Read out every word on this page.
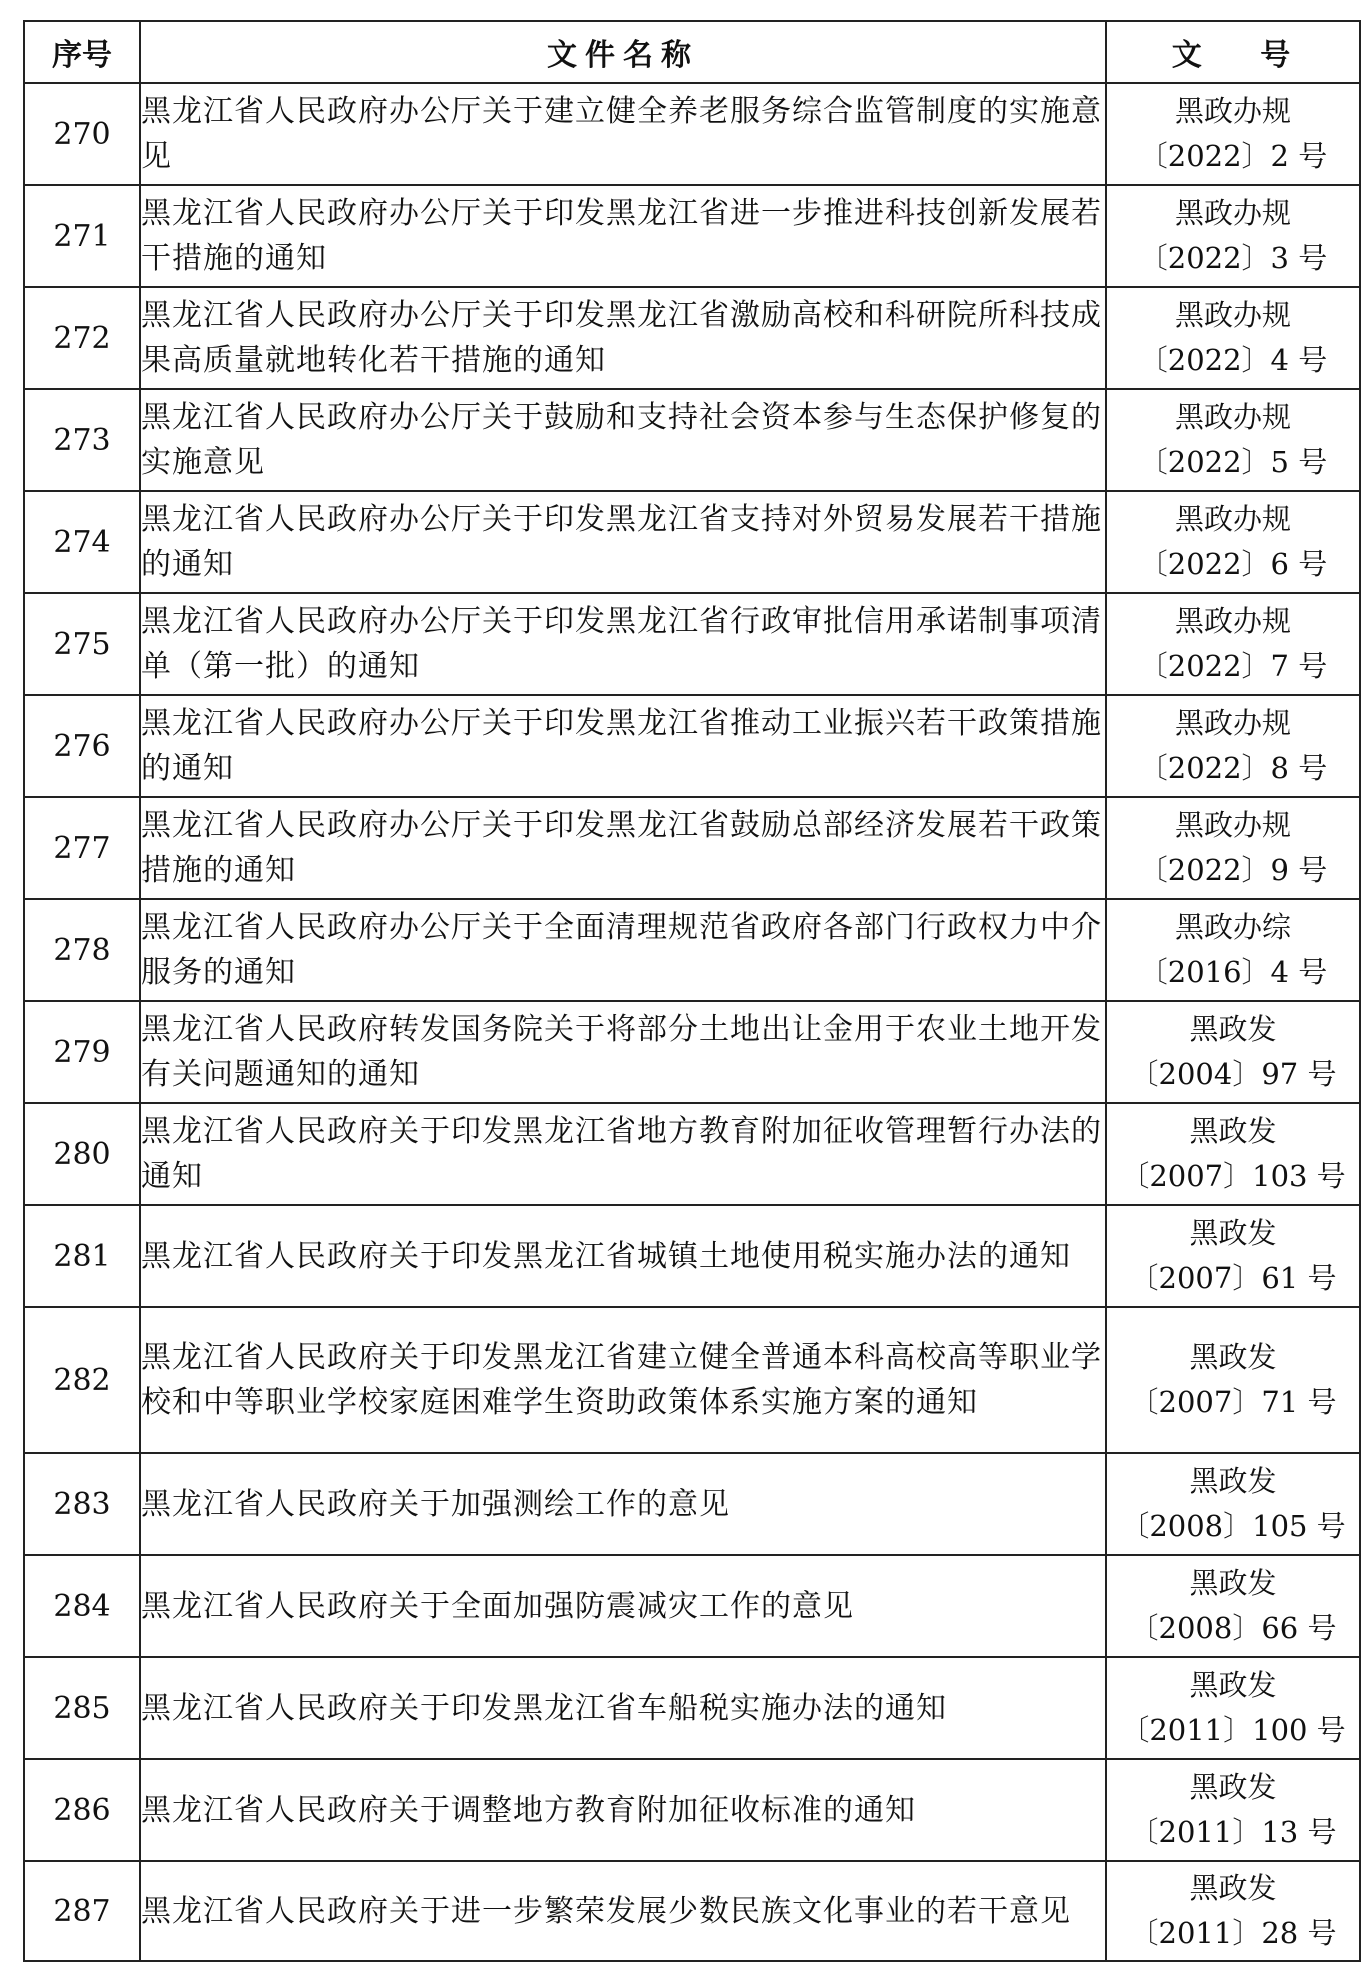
序号	文件名称	文 号
270	黑龙江省人民政府办公厅关于建立健全养老服务综合监管制度的实施意见	黑政办规
〔2022〕2 号

271	黑龙江省人民政府办公厅关于印发黑龙江省进一步推进科技创新发展若干措施的通知	黑政办规
〔2022〕3 号

272	黑龙江省人民政府办公厅关于印发黑龙江省激励高校和科研院所科技成果高质量就地转化若干措施的通知	黑政办规
〔2022〕4 号

273	黑龙江省人民政府办公厅关于鼓励和支持社会资本参与生态保护修复的实施意见	黑政办规
〔2022〕5 号

274	黑龙江省人民政府办公厅关于印发黑龙江省支持对外贸易发展若干措施的通知	黑政办规
〔2022〕6 号

275	黑龙江省人民政府办公厅关于印发黑龙江省行政审批信用承诺制事项清单（第一批）的通知	黑政办规
〔2022〕7 号

276	黑龙江省人民政府办公厅关于印发黑龙江省推动工业振兴若干政策措施的通知	黑政办规
〔2022〕8 号

277	黑龙江省人民政府办公厅关于印发黑龙江省鼓励总部经济发展若干政策措施的通知	黑政办规
〔2022〕9 号

278	黑龙江省人民政府办公厅关于全面清理规范省政府各部门行政权力中介服务的通知	黑政办综
〔2016〕4 号

279	黑龙江省人民政府转发国务院关于将部分土地出让金用于农业土地开发有关问题通知的通知	黑政发
〔2004〕97 号

280	黑龙江省人民政府关于印发黑龙江省地方教育附加征收管理暂行办法的通知	黑政发
〔2007〕103 号

281	黑龙江省人民政府关于印发黑龙江省城镇土地使用税实施办法的通知	黑政发
〔2007〕61 号

282	黑龙江省人民政府关于印发黑龙江省建立健全普通本科高校高等职业学校和中等职业学校家庭困难学生资助政策体系实施方案的通知	黑政发
〔2007〕71 号

283	黑龙江省人民政府关于加强测绘工作的意见	黑政发
〔2008〕105 号

284	黑龙江省人民政府关于全面加强防震减灾工作的意见	黑政发
〔2008〕66 号

285	黑龙江省人民政府关于印发黑龙江省车船税实施办法的通知	黑政发
〔2011〕100 号

286	黑龙江省人民政府关于调整地方教育附加征收标准的通知	黑政发
〔2011〕13 号

287	黑龙江省人民政府关于进一步繁荣发展少数民族文化事业的若干意见	黑政发
〔2011〕28 号
